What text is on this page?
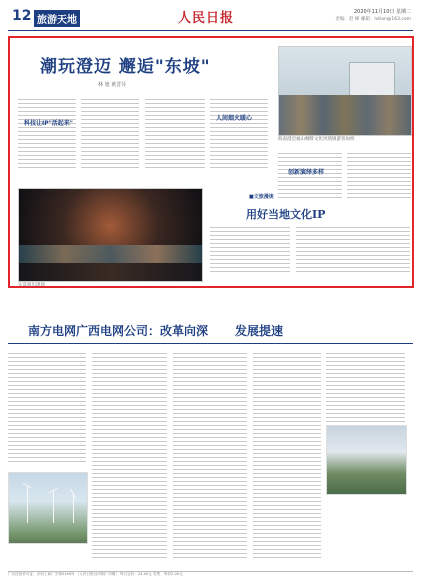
12 旅游天地	人民日报	2020年11月10日 星期二
责编：赵 峰 邮箱：lvtian@163.com
潮玩澄迈 邂逅"东坡"
林 旭 黄晋芬
海南澄迈福山咖啡文化风情镇游客如织
科技让IP"活起来"
人间烟火暖心
创新演绎多样
实景演出现场
■文旅漫谈
用好当地文化IP
南方电网广西电网公司：改革向深 发展提速
广告经营许可证：京西工商广字第0149号 （人民日报社印刷厂印刷） 每月定价：24.00元 零售：每份2.00元
